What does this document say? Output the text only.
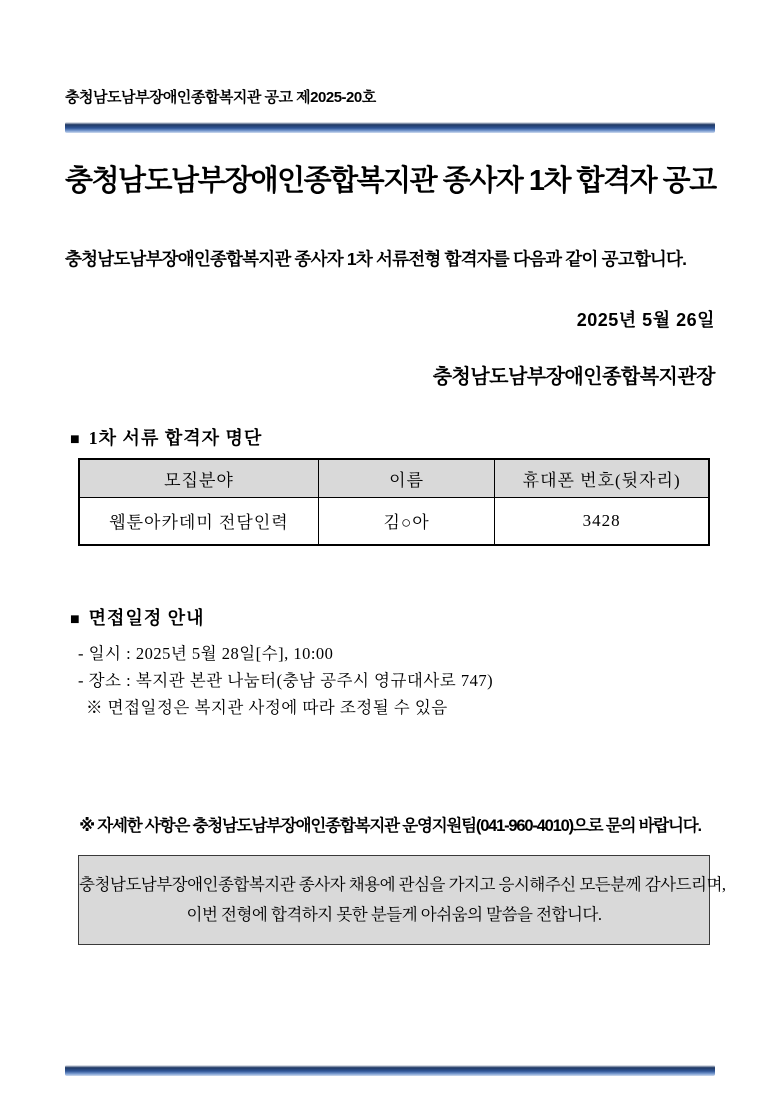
충청남도남부장애인종합복지관 공고 제2025-20호
충청남도남부장애인종합복지관 종사자 1차 합격자 공고

충청남도남부장애인종합복지관 종사자 1차 서류전형 합격자를 다음과 같이 공고합니다.

2025년 5월 26일
충청남도남부장애인종합복지관장
■ 1차 서류 합격자 명단
모집분야	이름	휴대폰 번호(뒷자리)
웹툰아카데미 전담인력	김○아	3428
■ 면접일정 안내
- 일시 : 2025년 5월 28일[수], 10:00
- 장소 : 복지관 본관 나눔터(충남 공주시 영규대사로 747)
※ 면접일정은 복지관 사정에 따라 조정될 수 있음
※ 자세한 사항은 충청남도남부장애인종합복지관 운영지원팀(041-960-4010)으로 문의 바랍니다.
충청남도남부장애인종합복지관 종사자 채용에 관심을 가지고 응시해주신 모든분께 감사드리며,
이번 전형에 합격하지 못한 분들게 아쉬움의 말씀을 전합니다.
